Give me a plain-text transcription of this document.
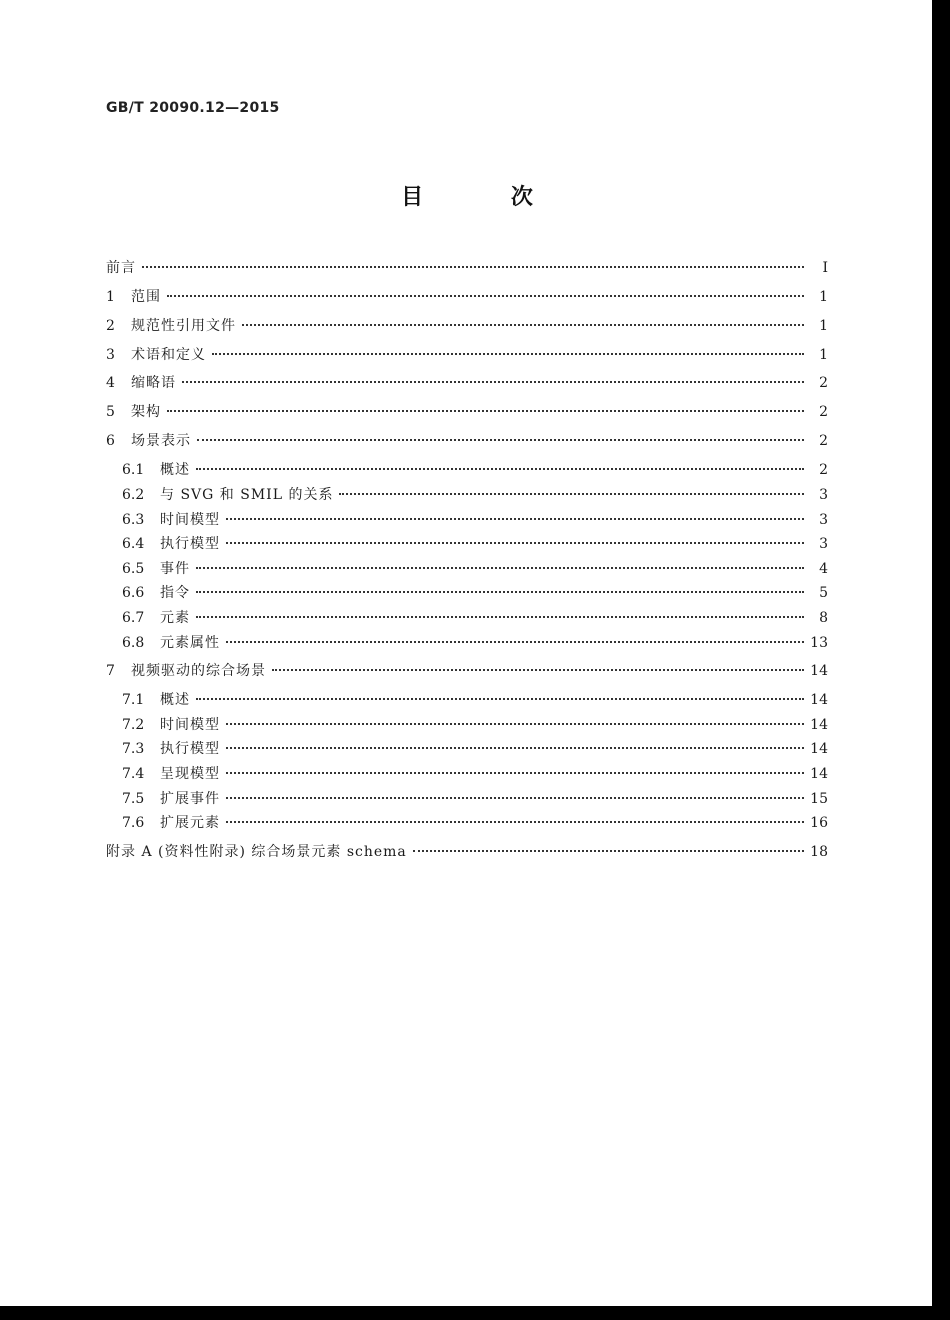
GB/T 20090.12—2015
目 次
前言	Ⅰ
1	范围	1
2	规范性引用文件	1
3	术语和定义	1
4	缩略语	2
5	架构	2
6	场景表示	2
6.1	概述	2
6.2	与 SVG 和 SMIL 的关系	3
6.3	时间模型	3
6.4	执行模型	3
6.5	事件	4
6.6	指令	5
6.7	元素	8
6.8	元素属性	13
7	视频驱动的综合场景	14
7.1	概述	14
7.2	时间模型	14
7.3	执行模型	14
7.4	呈现模型	14
7.5	扩展事件	15
7.6	扩展元素	16
附录 A (资料性附录) 综合场景元素 schema	18
